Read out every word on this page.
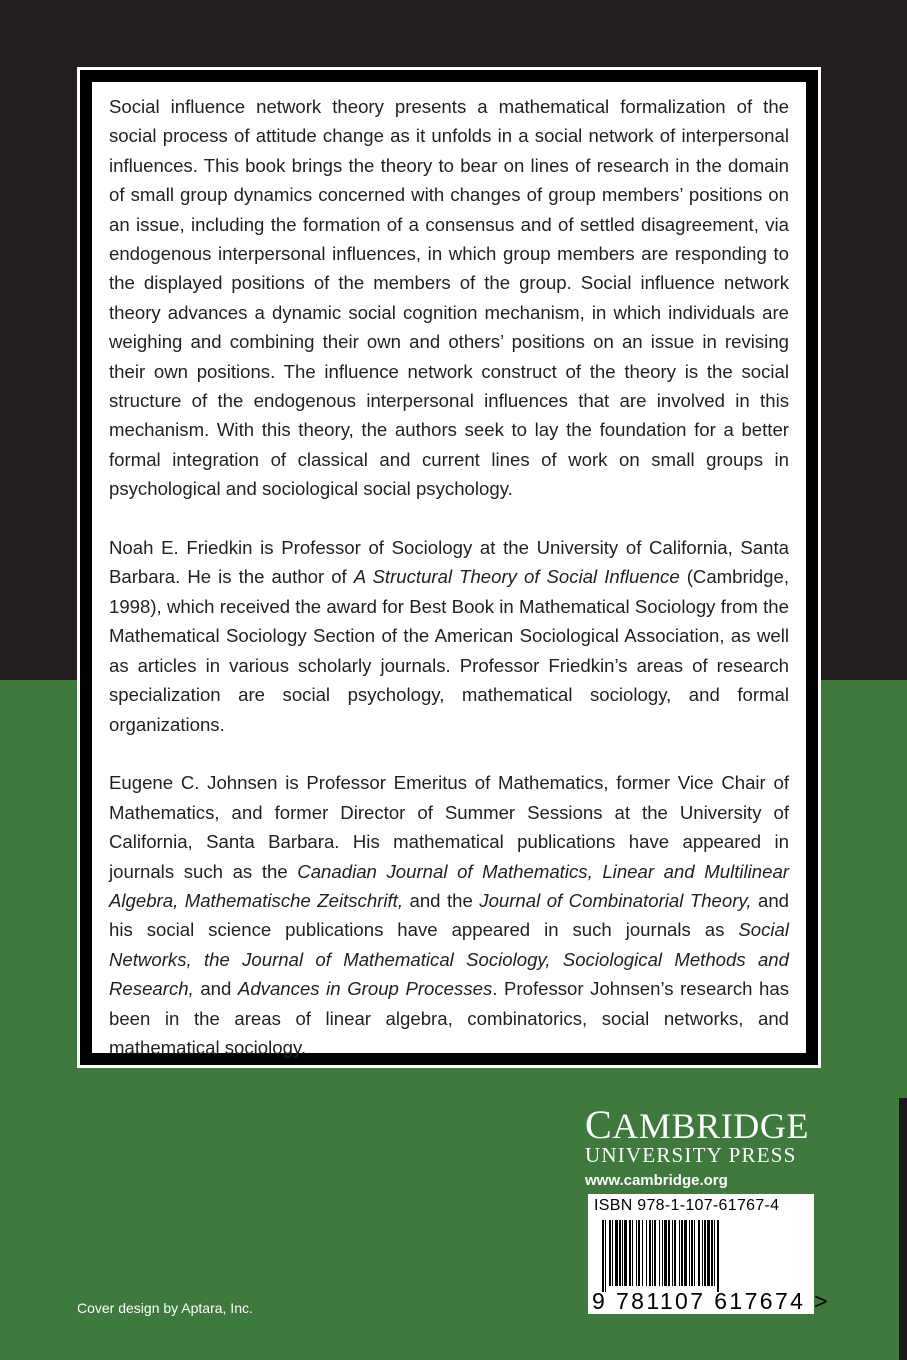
Social influence network theory presents a mathematical formalization of the social process of attitude change as it unfolds in a social network of interpersonal influences. This book brings the theory to bear on lines of research in the domain of small group dynamics concerned with changes of group members’ positions on an issue, including the formation of a consensus and of settled disagreement, via endogenous interpersonal influences, in which group members are responding to the displayed positions of the members of the group. Social influence network theory advances a dynamic social cognition mechanism, in which individuals are weighing and combining their own and others’ positions on an issue in revising their own positions. The influence network construct of the theory is the social structure of the endogenous interpersonal influences that are involved in this mechanism. With this theory, the authors seek to lay the foundation for a better formal integration of classical and current lines of work on small groups in psychological and sociological social psychology.

Noah E. Friedkin is Professor of Sociology at the University of California, Santa Barbara. He is the author of A Structural Theory of Social Influence (Cambridge, 1998), which received the award for Best Book in Mathematical Sociology from the Mathematical Sociology Section of the American Sociological Association, as well as articles in various scholarly journals. Professor Friedkin’s areas of research specialization are social psychology, mathematical sociology, and formal organizations.

Eugene C. Johnsen is Professor Emeritus of Mathematics, former Vice Chair of Mathematics, and former Director of Summer Sessions at the University of California, Santa Barbara. His mathematical publications have appeared in journals such as the Canadian Journal of Mathematics, Linear and Multilinear Algebra, Mathematische Zeitschrift, and the Journal of Combinatorial Theory, and his social science publications have appeared in such journals as Social Networks, the Journal of Mathematical Sociology, Sociological Methods and Research, and Advances in Group Processes. Professor Johnsen’s research has been in the areas of linear algebra, combinatorics, social networks, and mathematical sociology.

CAMBRIDGE
UNIVERSITY PRESS
www.cambridge.org
ISBN 978-1-107-61767-4
9 781107 617674 >
Cover design by Aptara, Inc.
